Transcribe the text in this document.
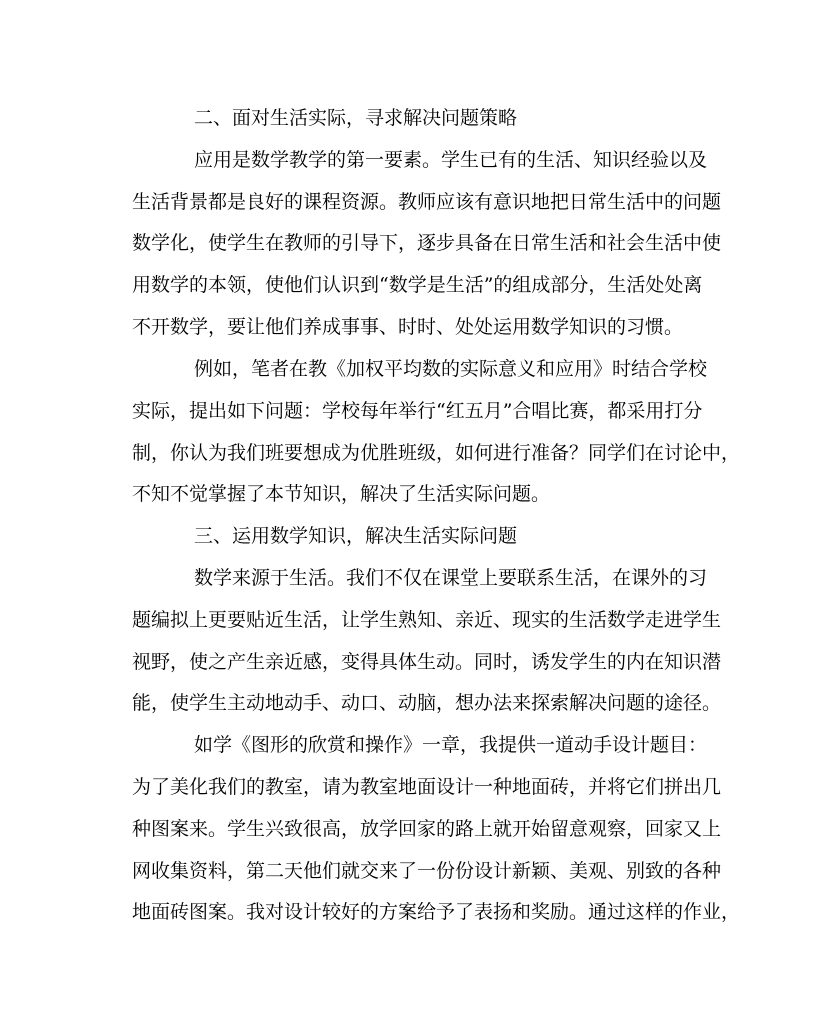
二、面对生活实际，寻求解决问题策略
应用是数学教学的第一要素。学生已有的生活、知识经验以及
生活背景都是良好的课程资源。教师应该有意识地把日常生活中的问题
数学化，使学生在教师的引导下，逐步具备在日常生活和社会生活中使
用数学的本领，使他们认识到“数学是生活”的组成部分，生活处处离
不开数学，要让他们养成事事、时时、处处运用数学知识的习惯。
例如，笔者在教《加权平均数的实际意义和应用》时结合学校
实际，提出如下问题：学校每年举行“红五月”合唱比赛，都采用打分
制，你认为我们班要想成为优胜班级，如何进行准备？同学们在讨论中，
不知不觉掌握了本节知识，解决了生活实际问题。
三、运用数学知识，解决生活实际问题
数学来源于生活。我们不仅在课堂上要联系生活，在课外的习
题编拟上更要贴近生活，让学生熟知、亲近、现实的生活数学走进学生
视野，使之产生亲近感，变得具体生动。同时，诱发学生的内在知识潜
能，使学生主动地动手、动口、动脑，想办法来探索解决问题的途径。
如学《图形的欣赏和操作》一章，我提供一道动手设计题目：
为了美化我们的教室，请为教室地面设计一种地面砖，并将它们拼出几
种图案来。学生兴致很高，放学回家的路上就开始留意观察，回家又上
网收集资料，第二天他们就交来了一份份设计新颖、美观、别致的各种
地面砖图案。我对设计较好的方案给予了表扬和奖励。通过这样的作业，
